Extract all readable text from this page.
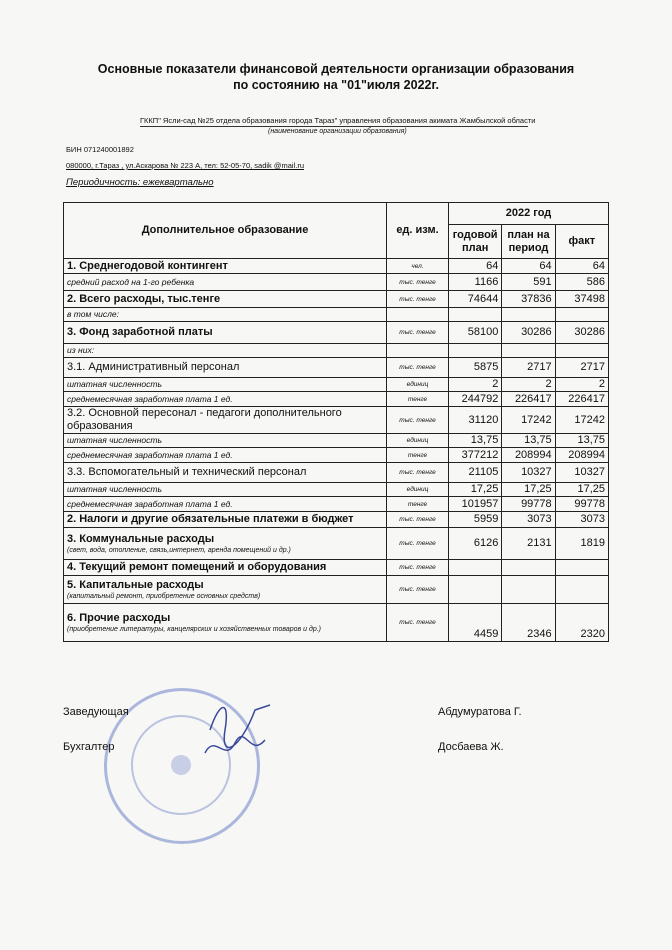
Основные показатели финансовой деятельности организации образования
по состоянию на "01"июля 2022г.
ГККП" Ясли-сад №25 отдела образования города Тараз" управления образования акимата Жамбылской области
(наименование организации образования)
БИН 071240001892
080000, г.Тараз , ул.Аскарова № 223 А, тел: 52-05-70, sadik @mail.ru
Периодичность: ежеквартально
Дополнительное образование	ед. изм.	2022 год		
		годовой план	план на период	факт
1. Среднегодовой контингент	чел.	64	64	64
средний расход на 1-го ребенка	тыс. тенге	1166	591	586
2. Всего расходы, тыс.тенге	тыс. тенге	74644	37836	37498
в том числе:				
3. Фонд заработной платы	тыс. тенге	58100	30286	30286
из них:				
3.1. Административный персонал	тыс. тенге	5875	2717	2717
штатная численность	единиц	2	2	2
среднемесячная заработная плата 1 ед.	тенге	244792	226417	226417
3.2. Основной пересонал - педагоги дополнительного образования	тыс. тенге	31120	17242	17242
штатная численность	единиц	13,75	13,75	13,75
среднемесячная заработная плата 1 ед.	тенге	377212	208994	208994
3.3. Вспомогательный и технический персонал	тыс. тенге	21105	10327	10327
штатная численность	единиц	17,25	17,25	17,25
среднемесячная заработная плата 1 ед.	тенге	101957	99778	99778
2. Налоги и другие обязательные платежи в бюджет	тыс. тенге	5959	3073	3073
3. Коммунальные расходы
(свет, вода, отопление, связь,интернет, арендa помещений и др.)	тыс. тенге	6126	2131	1819
4. Текущий ремонт помещений и оборудования	тыс. тенге			
5. Капитальные расходы
(капитальный ремонт, приобретение основных средств)	тыс. тенге			
6. Прочие расходы
(приобретение литературы, канцелярских и хозяйственных товаров и др.)	тыс. тенге	4459	2346	2320
Заведующая	Абдумуратова Г.
Бухгалтер	Досбаева Ж.
